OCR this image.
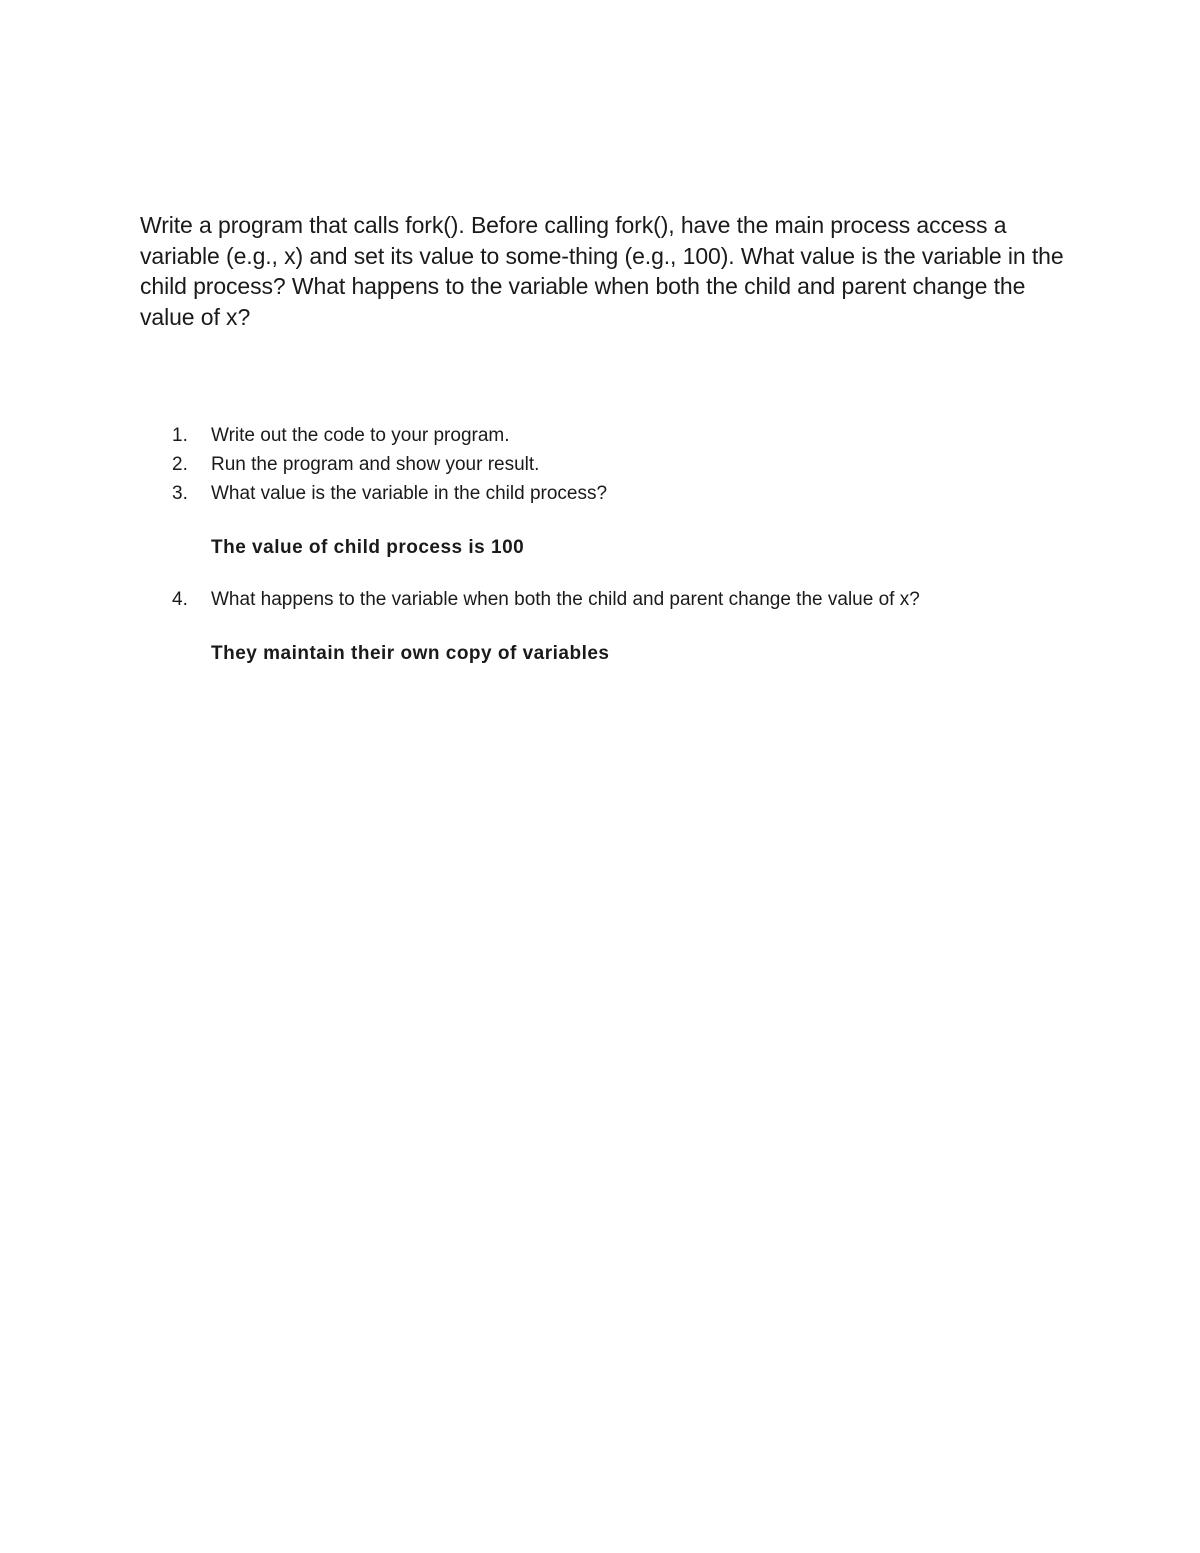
Write a program that calls fork(). Before calling fork(), have the main process access a variable (e.g., x) and set its value to some-thing (e.g., 100). What value is the variable in the child process? What happens to the variable when both the child and parent change the value of x?

1.	Write out the code to your program.
2.	Run the program and show your result.
3.	What value is the variable in the child process?
The value of child process is 100
4.	What happens to the variable when both the child and parent change the value of x?
They maintain their own copy of variables
